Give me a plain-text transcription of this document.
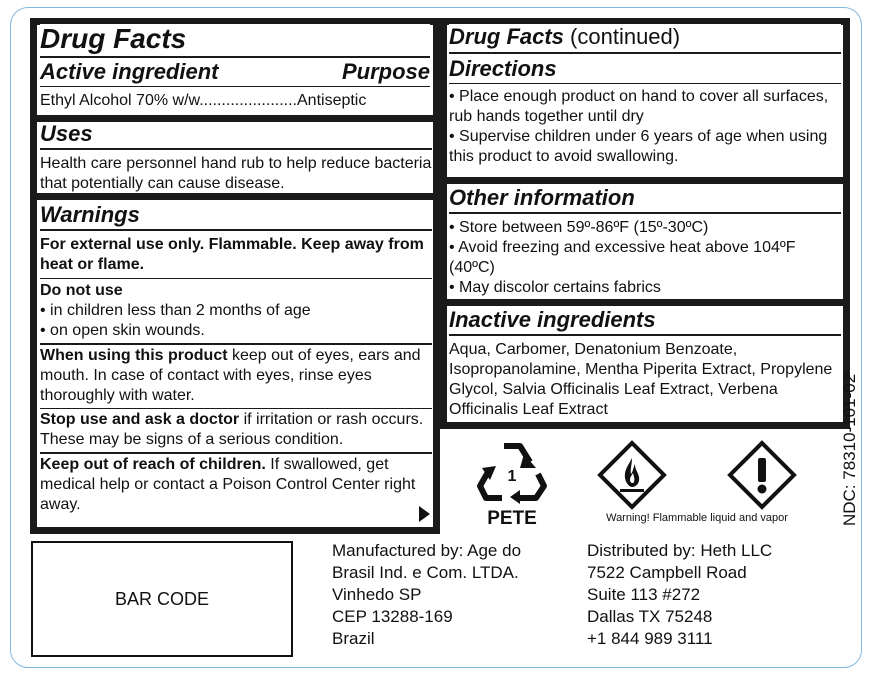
Drug Facts
Active ingredient	Purpose
Ethyl Alcohol 70% w/w......................Antiseptic
Uses
Health care personnel hand rub to help reduce bacteria that potentially can cause disease.
Warnings
For external use only. Flammable. Keep away from heat or flame.
Do not use
• in children less than 2 months of age
• on open skin wounds.
When using this product keep out of eyes, ears and mouth. In case of contact with eyes, rinse eyes thoroughly with water.
Stop use and ask a doctor if irritation or rash occurs. These may be signs of a serious condition.
Keep out of reach of children. If swallowed, get medical help or contact a Poison Control Center right away.
Drug Facts (continued)
Directions
• Place enough product on hand to cover all surfaces, rub hands together until dry
• Supervise children under 6 years of age when using this product to avoid swallowing.
Other information
• Store between 59º-86ºF (15º-30ºC)
• Avoid freezing and excessive heat above 104ºF (40ºC)
• May discolor certains fabrics
Inactive ingredients
Aqua, Carbomer, Denatonium Benzoate, Isopropanolamine, Mentha Piperita Extract, Propylene Glycol, Salvia Officinalis Leaf Extract, Verbena Officinalis Leaf Extract
1
PETE	Warning! Flammable liquid and vapor	NDC: 78310-101-02
BAR CODE
Manufactured by: Age do
Brasil Ind. e Com. LTDA.
Vinhedo SP
CEP 13288-169
Brazil
Distributed by: Heth LLC
7522 Campbell Road
Suite 113 #272
Dallas TX 75248
+1 844 989 3111
